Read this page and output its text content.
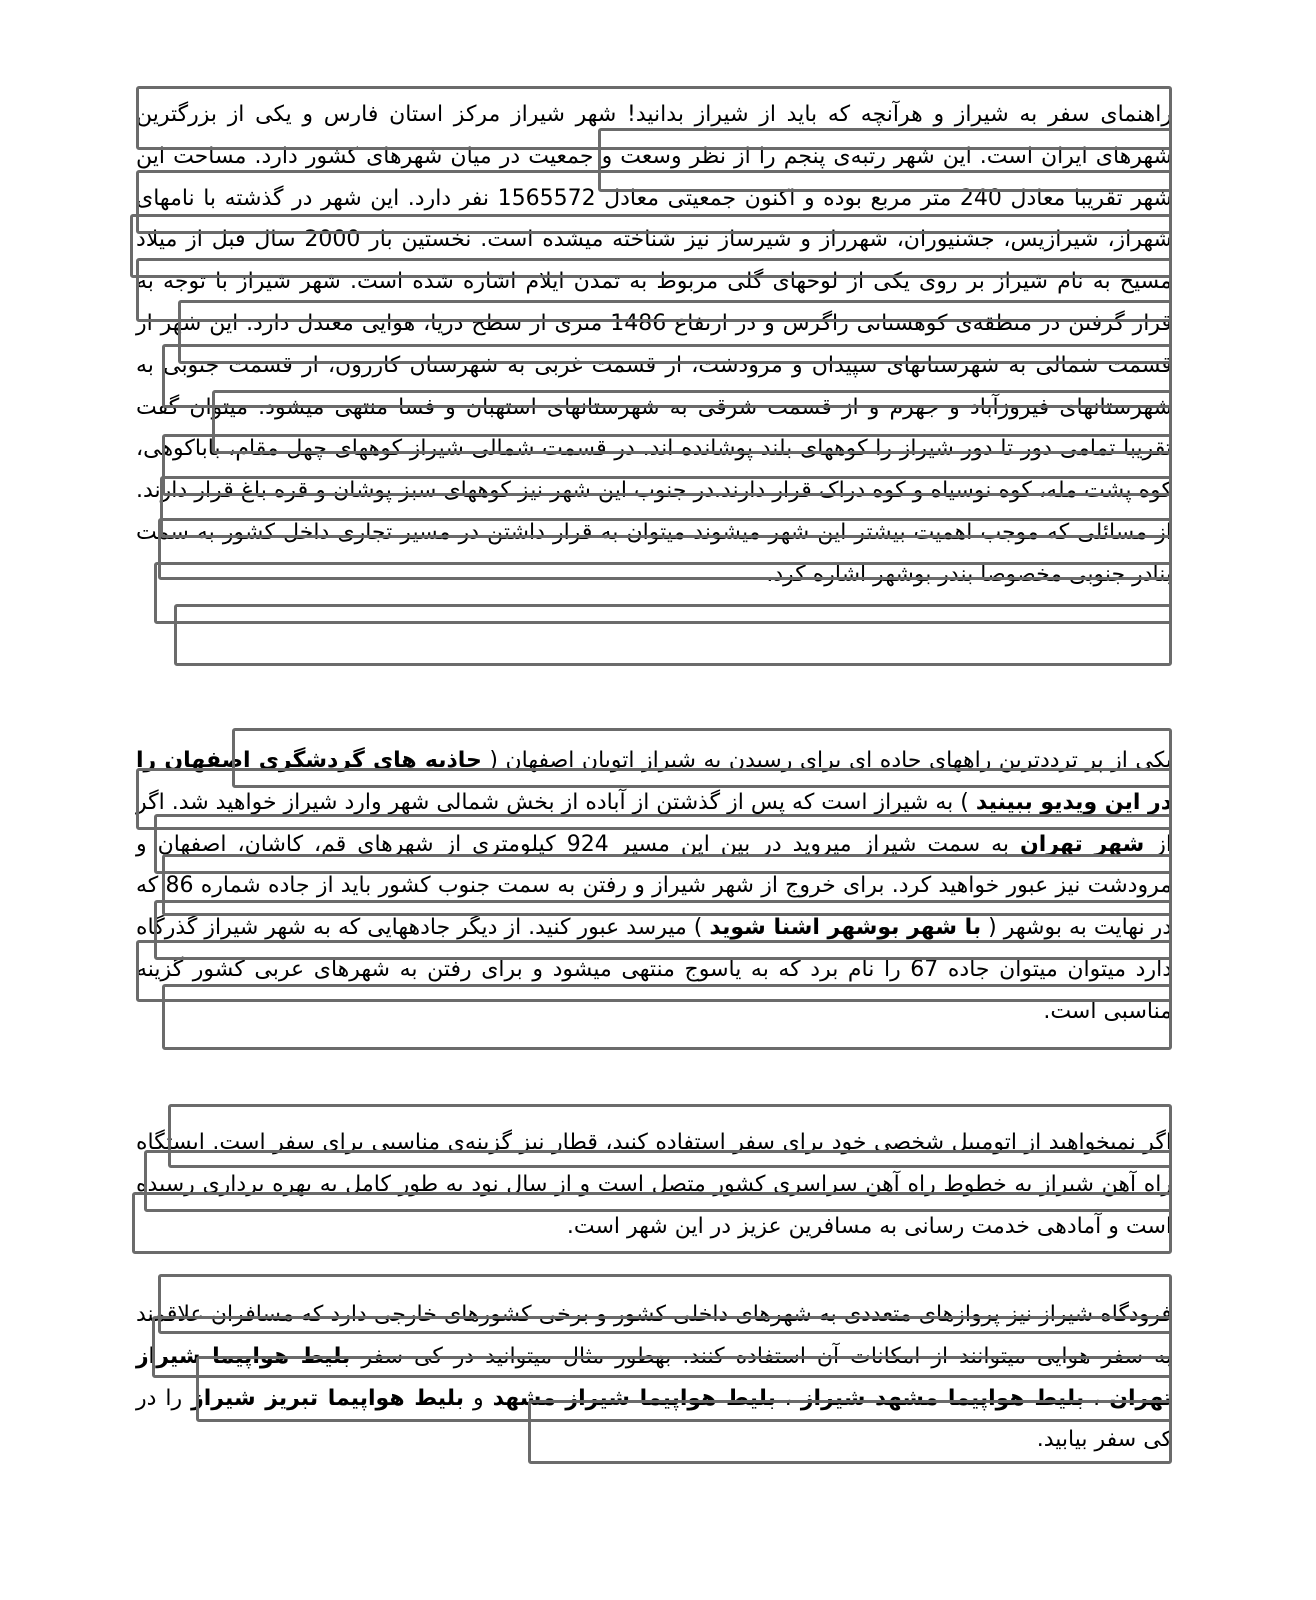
راهنمای سفر به شیراز و هرآنچه که باید از شیراز بدانید! شهر شیراز مرکز استان فارس و یکی از بزرگترین شهرهای ایران است. این شهر رتبه‌ی پنجم را از نظر وسعت و جمعیت در میان شهرهای کشور دارد. مساحت این شهر تقریبا معادل 240 متر مربع بوده و اکنون جمعیتی معادل 1565572 نفر دارد. این شهر در گذشته با نامهای شهراز، شیرازیس، جشنیوران، شهرراز و شیرساز نیز شناخته میشده است. نخستین بار 2000 سال قبل از میلاد مسیح به نام شیراز بر روی یکی از لوحهای گلی مربوط به تمدن ایلام اشاره شده است. شهر شیراز با توجه به قرار گرفتن در منطقه‌ی کوهستانی زاگرس و در ارتفاع 1486 متری از سطح دریا، هوایی معتدل دارد. این شهر از قسمت شمالی به شهرستانهای سپیدان و مرودشت، از قسمت غربی به شهرستان کازرون، از قسمت جنوبی به شهرستانهای فیروزآباد و جهرم و از قسمت شرقی به شهرستانهای استهبان و فسا منتهی میشود. میتوان گفت تقریبا تمامی دور تا دور شیراز را کوههای بلند پوشانده اند. در قسمت شمالی شیراز کوههای چهل مقام، باباکوهی، کوه پشت مله، کوه نوسیاه و کوه دراک قرار دارند.در جنوب این شهر نیز کوههای سبز پوشان و قره باغ قرار دارند. از مسائلی که موجب اهمیت بیشتر این شهر میشوند میتوان به قرار داشتن در مسیر تجاری داخل کشور به سمت بنادر جنوبی مخصوصا بندر بوشهر اشاره کرد.

یکی از پر ترددترین راههای جاده ای برای رسیدن به شیراز اتوبان اصفهان ( جاذبه های گردشگری اصفهان را در این ویدیو ببینید ) به شیراز است که پس از گذشتن از آباده از بخش شمالی شهر وارد شیراز خواهید شد. اگر از شهر تهران به سمت شیراز میروید در بین این مسیر 924 کیلومتری از شهرهای قم، کاشان، اصفهان و مرودشت نیز عبور خواهید کرد. برای خروج از شهر شیراز و رفتن به سمت جنوب کشور باید از جاده شماره 86 که در نهایت به بوشهر ( با شهر بوشهر آشنا شوید ) میرسد عبور کنید. از دیگر جادههایی که به شهر شیراز گذرگاه دارد میتوان میتوان جاده 67 را نام برد که به یاسوج منتهی میشود و برای رفتن به شهرهای عربی کشور گزینه مناسبی است.

اگر نمیخواهید از اتومبیل شخصی خود برای سفر استفاده کنید، قطار نیز گزینه‌ی مناسبی برای سفر است. ایستگاه راه آهن شیراز به خطوط راه آهن سراسری کشور متصل است و از سال نود به طور کامل به بهره برداری رسیده است و آمادهی خدمت رسانی به مسافرین عزیز در این شهر است.

فرودگاه شیراز نیز پروازهای متعددی به شهرهای داخلی کشور و برخی کشورهای خارجی دارد که مسافران علاقمند به سفر هوایی میتوانند از امکانات آن استفاده کنند. بهطور مثال میتوانید در کی سفر بلیط هواپیما شیراز تهران ، بلیط هواپیما مشهد شیراز ، بلیط هواپیما شیراز مشهد و بلیط هواپیما تبریز شیراز را در کی سفر بیابید.
